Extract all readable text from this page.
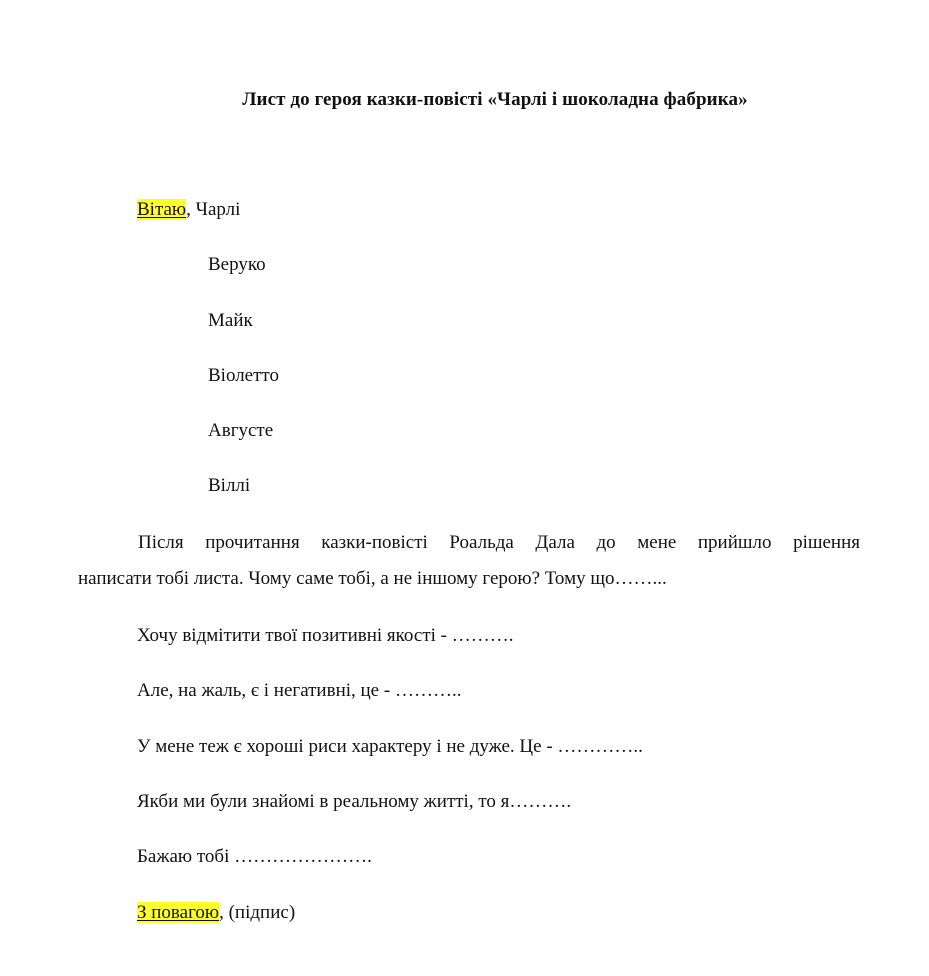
Лист до героя казки-повісті «Чарлі і шоколадна фабрика»
Вітаю, Чарлі
Веруко
Майк
Віолетто
Августе
Віллі
Після прочитання казки-повісті Роальда Дала до мене прийшло рішення
написати тобі листа. Чому саме тобі, а не іншому герою? Тому що……...
Хочу відмітити твої позитивні якості - ……….
Але, на жаль, є і негативні, це - ………..
У мене теж є хороші риси характеру і не дуже. Це - …………..
Якби ми були знайомі в реальному житті, то я……….
Бажаю тобі ………………….
З повагою, (підпис)
